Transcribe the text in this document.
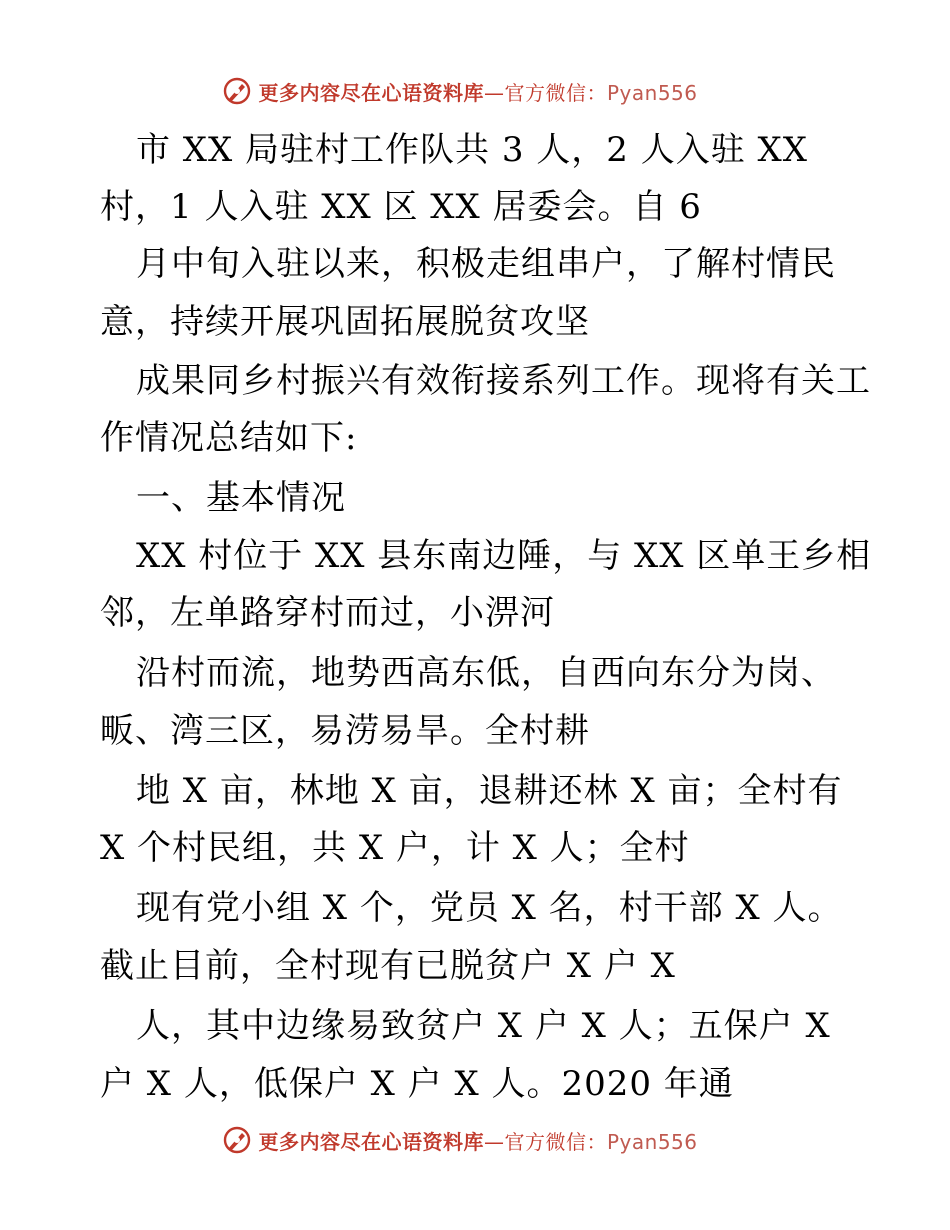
更多内容尽在心语资料库—官方微信：Pyan556
市 XX 局驻村工作队共 3 人，2 人入驻 XX
村，1 人入驻 XX 区 XX 居委会。自 6
月中旬入驻以来，积极走组串户，了解村情民
意，持续开展巩固拓展脱贫攻坚
成果同乡村振兴有效衔接系列工作。现将有关工
作情况总结如下:
一、基本情况
XX 村位于 XX 县东南边陲，与 XX 区单王乡相
邻，左单路穿村而过，小淠河
沿村而流，地势西高东低，自西向东分为岗、
畈、湾三区，易涝易旱。全村耕
地 X 亩，林地 X 亩，退耕还林 X 亩；全村有
X 个村民组，共 X 户，计 X 人；全村
现有党小组 X 个，党员 X 名，村干部 X 人。
截止目前，全村现有已脱贫户 X 户 X
人，其中边缘易致贫户 X 户 X 人；五保户 X
户 X 人，低保户 X 户 X 人。2020 年通
更多内容尽在心语资料库—官方微信：Pyan556
